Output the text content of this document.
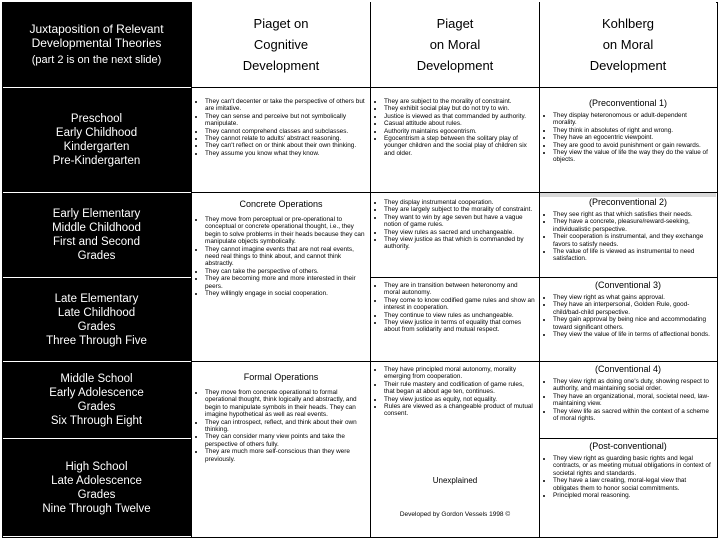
Juxtaposition of Relevant Developmental Theories
(part 2 is on the next slide)
Piaget on
Cognitive
Development
Piaget
on Moral
Development
Kohlberg
on Moral
Development
Preschool
Early Childhood
Kindergarten
Pre-Kindergarten
Early Elementary
Middle Childhood
First and Second
Grades
Late Elementary
Late Childhood
Grades
Three Through Five
Middle School
Early Adolescence
Grades
Six Through Eight
High School
Late Adolescence
Grades
Nine Through Twelve
• They can't decenter or take the perspective of others but are imitative.
• They can sense and perceive but not symbolically manipulate.
• They cannot comprehend classes and subclasses.
• They cannot relate to adults' abstract reasoning.
• They can't reflect on or think about their own thinking.
• They assume you know what they know.
Concrete Operations
• They move from perceptual or pre-operational to conceptual or concrete operational thought, i.e., they begin to solve problems in their heads because they can manipulate objects symbolically.
• They cannot imagine events that are not real events, need real things to think about, and cannot think abstractly.
• They can take the perspective of others.
• They are becoming more and more interested in their peers.
• They willingly engage in social cooperation.
Formal Operations
• They move from concrete operational to formal operational thought, think logically and abstractly, and begin to manipulate symbols in their heads. They can imagine hypothetical as well as real events.
• They can introspect, reflect, and think about their own thinking.
• They can consider many view points and take the perspective of others fully.
• They are much more self-conscious than they were previously.
• They are subject to the morality of constraint.
• They exhibit social play but do not try to win.
• Justice is viewed as that commanded by authority.
• Casual attitude about rules.
• Authority maintains egocentrism.
• Egocentrism a step between the solitary play of younger children and the social play of children six and older.
• They display instrumental cooperation.
• They are largely subject to the morality of constraint.
• They want to win by age seven but have a vague notion of game rules.
• They view rules as sacred and unchangeable.
• They view justice as that which is commanded by authority.
• They are in transition between heteronomy and moral autonomy.
• They come to know codified game rules and show an interest in cooperation.
• They continue to view rules as unchangeable.
• They view justice in terms of equality that comes about from solidarity and mutual respect.
• They have principled moral autonomy, morality emerging from cooperation.
• Their rule mastery and codification of game rules, that began at about age ten, continues.
• They view justice as equity, not equality.
• Rules are viewed as a changeable product of mutual consent.
Unexplained
Developed by Gordon Vessels 1998 ©
(Preconventional 1)
• They display heteronomous or adult-dependent morality.
• They think in absolutes of right and wrong.
• They have an egocentric viewpoint.
• They are good to avoid punishment or gain rewards.
• They view the value of life the way they do the value of objects.
(Preconventional 2)
• They see right as that which satisfies their needs.
• They have a concrete, pleasure/reward-seeking, individualistic perspective.
• Their cooperation is instrumental, and they exchange favors to satisfy needs.
• The value of life is viewed as instrumental to need satisfaction.
(Conventional 3)
• They view right as what gains approval.
• They have an interpersonal, Golden Rule, good-child/bad-child perspective.
• They gain approval by being nice and accommodating toward significant others.
• They view the value of life in terms of affectional bonds.
(Conventional 4)
• They view right as doing one's duty, showing respect to authority, and maintaining social order.
• They have an organizational, moral, societal need, law-maintaining view.
• They view life as sacred within the context of a scheme of moral rights.
(Post-conventional)
• They view right as guarding basic rights and legal contracts, or as meeting mutual obligations in context of societal rights and standards.
• They have a law creating, moral-legal view that obligates them to honor social commitments.
• Principled moral reasoning.
